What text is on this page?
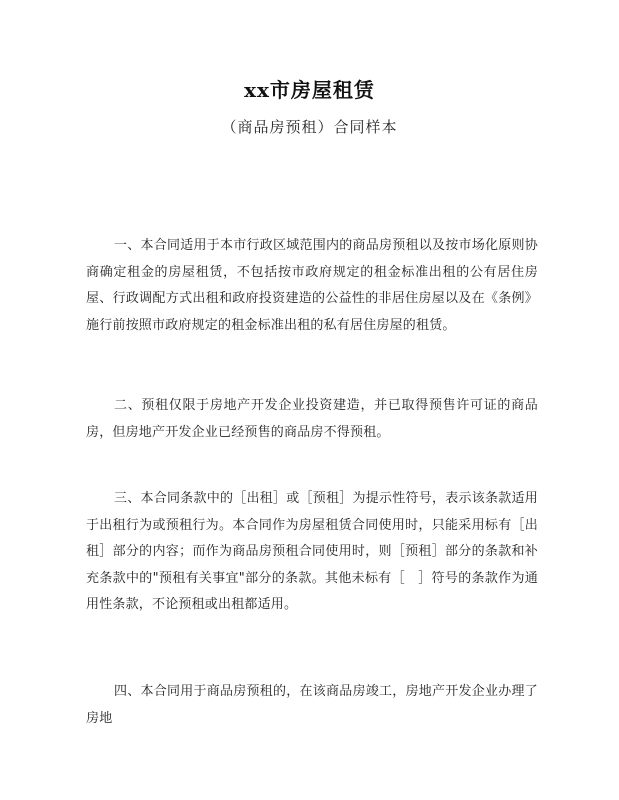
xx市房屋租赁
（商品房预租）合同样本

一、本合同适用于本市行政区域范围内的商品房预租以及按市场化原则协商确定租金的房屋租赁，不包括按市政府规定的租金标准出租的公有居住房屋、行政调配方式出租和政府投资建造的公益性的非居住房屋以及在《条例》施行前按照市政府规定的租金标准出租的私有居住房屋的租赁。

二、预租仅限于房地产开发企业投资建造，并已取得预售许可证的商品房，但房地产开发企业已经预售的商品房不得预租。

三、本合同条款中的［出租］或［预租］为提示性符号，表示该条款适用于出租行为或预租行为。本合同作为房屋租赁合同使用时，只能采用标有［出租］部分的内容；而作为商品房预租合同使用时，则［预租］部分的条款和补充条款中的"预租有关事宜"部分的条款。其他未标有［　］符号的条款作为通用性条款，不论预租或出租都适用。

四、本合同用于商品房预租的，在该商品房竣工，房地产开发企业办理了房地
